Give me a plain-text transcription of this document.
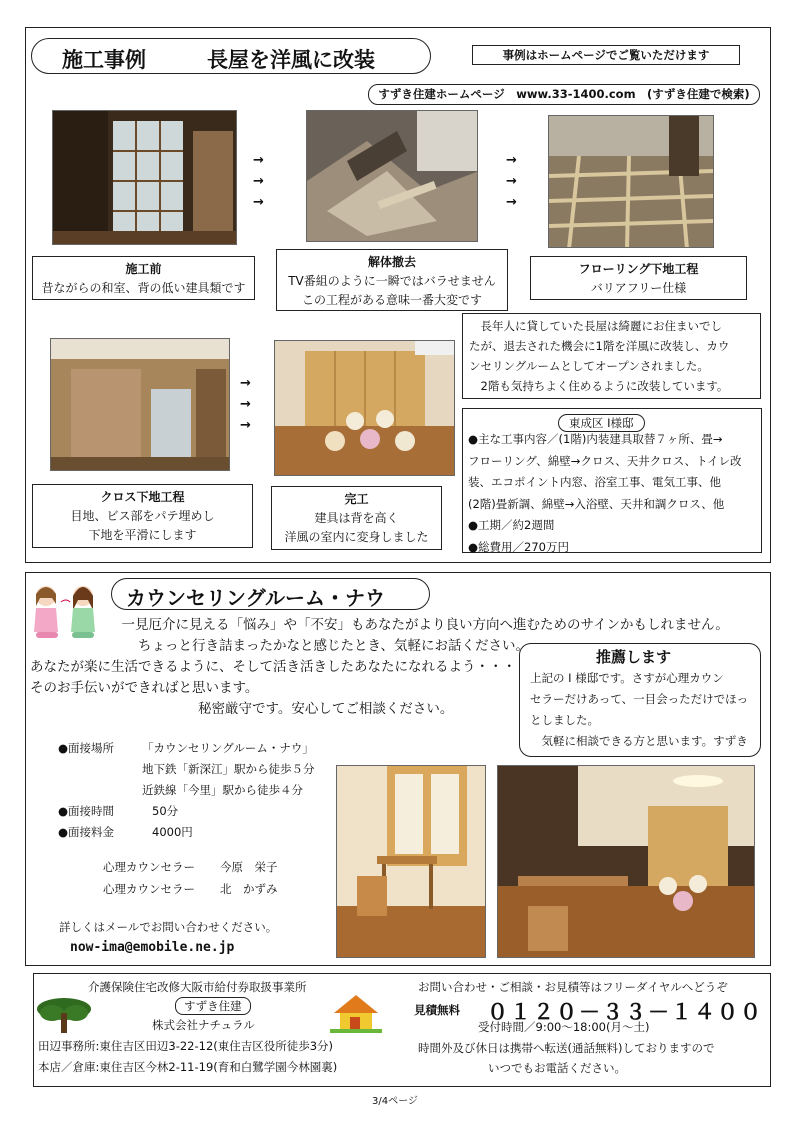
施工事例	長屋を洋風に改装	事例はホームページでご覧いただけます
すずき住建ホームページ　www.33-1400.com　(すずき住建で検索)
→
→
→
→
→
→
施工前
昔ながらの和室、背の低い建具類です
解体撤去
TV番組のように一瞬ではバラせません
この工程がある意味一番大変です
フローリング下地工程
バリアフリー仕様
→
→
→
　長年人に貸していた長屋は綺麗にお住まいでし
たが、退去された機会に1階を洋風に改装し、カウ
ンセリングルームとしてオープンされました。
　2階も気持ちよく住めるように改装しています。
東成区 I様邸
●主な工事内容／(1階)内装建具取替７ヶ所、畳→
フローリング、綿壁→クロス、天井クロス、トイレ改
装、エコポイント内窓、浴室工事、電気工事、他
(2階)畳新調、綿壁→入浴壁、天井和調クロス、他
●工期／約2週間
●総費用／270万円
クロス下地工程
目地、ビス部をパテ埋めし
下地を平滑にします
完工
建具は背を高く
洋風の室内に変身しました
カウンセリングルーム・ナウ
　一見厄介に見える「悩み」や「不安」もあなたがより良い方向へ進むためのサインかもしれません。
ちょっと行き詰まったかなと感じたとき、気軽にお話ください。
あなたが楽に生活できるように、そして活き活きしたあなたになれるよう・・・
そのお手伝いができればと思います。
秘密厳守です。安心してご相談ください。
推薦します
上記の I 様邸です。さすが心理カウン
セラーだけあって、一目会っただけでほっ
としました。
　気軽に相談できる方と思います。すずき
●面接場所 「カウンセリングルーム・ナウ」
地下鉄「新深江」駅から徒歩５分
近鉄線「今里」駅から徒歩４分
●面接時間	50分
●面接料金	4000円
心理カウンセラー 今原　栄子
心理カウンセラー 北　かずみ
詳しくはメールでお問い合わせください。
now-ima@emobile.ne.jp
介護保険住宅改修大阪市給付券取扱事業所
すずき住建
株式会社ナチュラル
田辺事務所:東住吉区田辺3-22-12(東住吉区役所徒歩3分)
本店／倉庫:東住吉区今林2-11-19(育和白鷺学園今林園裏)
お問い合わせ・ご相談・お見積等はフリーダイヤルへどうぞ
見積無料 ０１２０－３３－１４００
受付時間／9:00～18:00(月～土)
時間外及び休日は携帯へ転送(通話無料)しておりますので
いつでもお電話ください。
3/4ページ
